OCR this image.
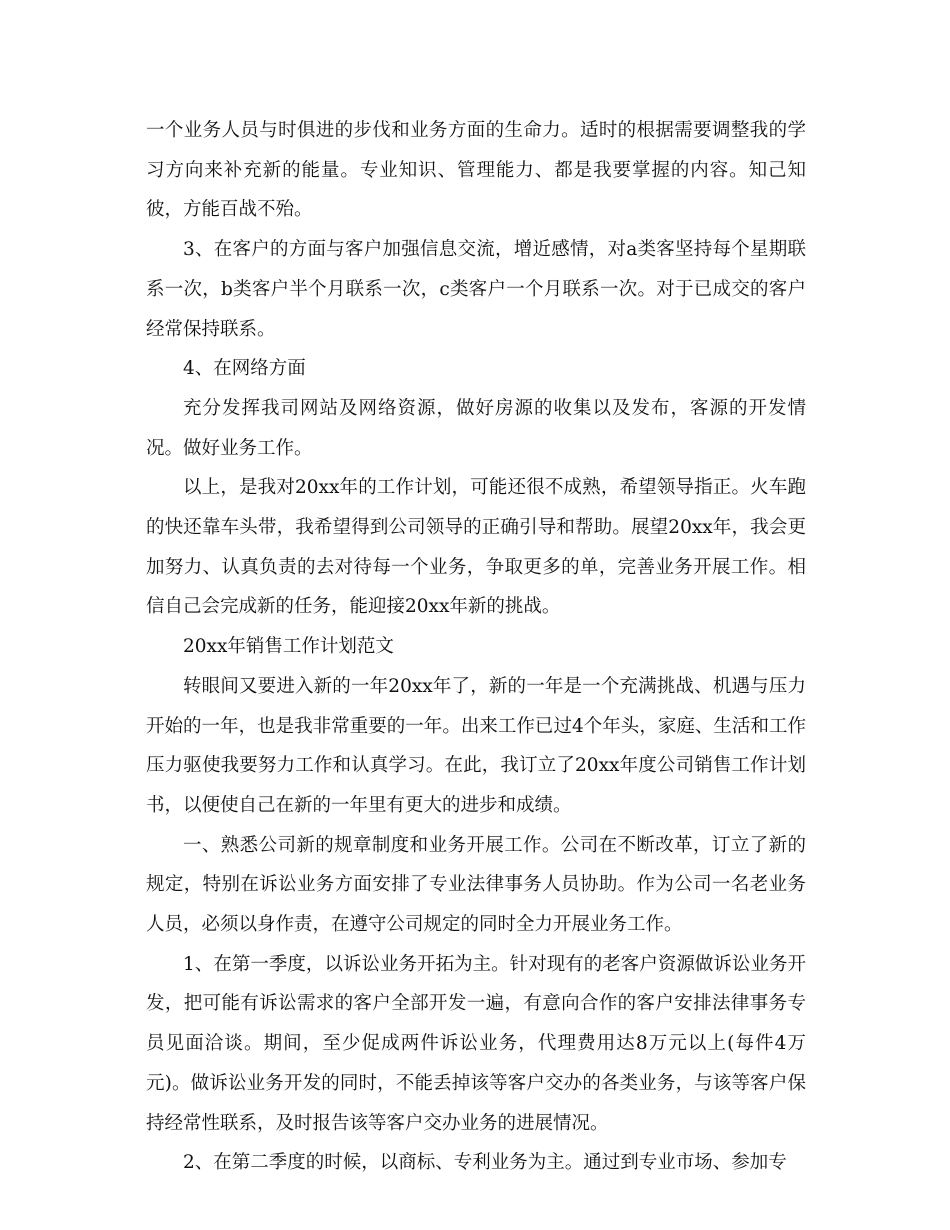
一个业务人员与时俱进的步伐和业务方面的生命力。适时的根据需要调整我的学习方向来补充新的能量。专业知识、管理能力、都是我要掌握的内容。知己知彼，方能百战不殆。

3、在客户的方面与客户加强信息交流，增近感情，对a类客坚持每个星期联系一次，b类客户半个月联系一次，c类客户一个月联系一次。对于已成交的客户经常保持联系。

4、在网络方面

充分发挥我司网站及网络资源，做好房源的收集以及发布，客源的开发情况。做好业务工作。

以上，是我对20xx年的工作计划，可能还很不成熟，希望领导指正。火车跑的快还靠车头带，我希望得到公司领导的正确引导和帮助。展望20xx年，我会更加努力、认真负责的去对待每一个业务，争取更多的单，完善业务开展工作。相信自己会完成新的任务，能迎接20xx年新的挑战。

20xx年销售工作计划范文

转眼间又要进入新的一年20xx年了，新的一年是一个充满挑战、机遇与压力开始的一年，也是我非常重要的一年。出来工作已过4个年头，家庭、生活和工作压力驱使我要努力工作和认真学习。在此，我订立了20xx年度公司销售工作计划书，以便使自己在新的一年里有更大的进步和成绩。

一、熟悉公司新的规章制度和业务开展工作。公司在不断改革，订立了新的规定，特别在诉讼业务方面安排了专业法律事务人员协助。作为公司一名老业务人员，必须以身作责，在遵守公司规定的同时全力开展业务工作。

1、在第一季度，以诉讼业务开拓为主。针对现有的老客户资源做诉讼业务开发，把可能有诉讼需求的客户全部开发一遍，有意向合作的客户安排法律事务专员见面洽谈。期间，至少促成两件诉讼业务，代理费用达8万元以上(每件4万元)。做诉讼业务开发的同时，不能丢掉该等客户交办的各类业务，与该等客户保持经常性联系，及时报告该等客户交办业务的进展情况。

2、在第二季度的时候，以商标、专利业务为主。通过到专业市场、参加专
